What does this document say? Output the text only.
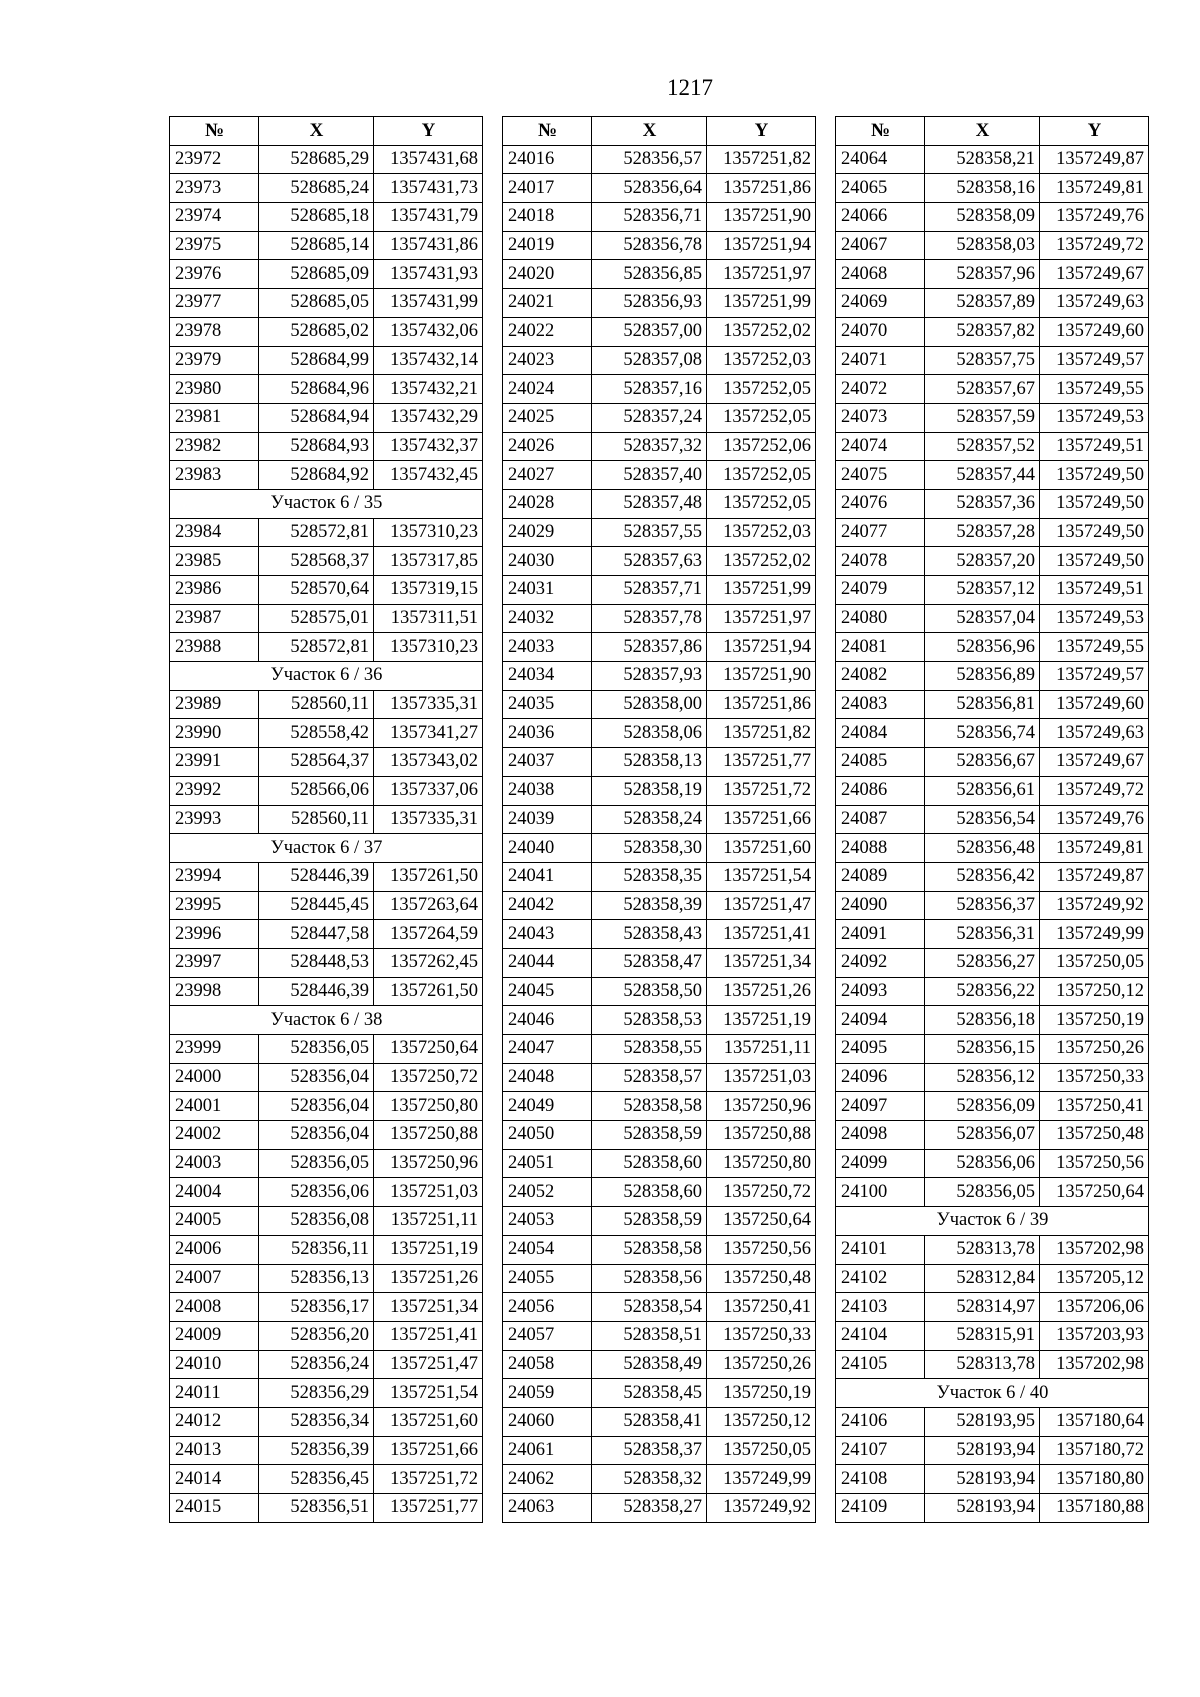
1217
№	X	Y
23972	528685,29	1357431,68
23973	528685,24	1357431,73
23974	528685,18	1357431,79
23975	528685,14	1357431,86
23976	528685,09	1357431,93
23977	528685,05	1357431,99
23978	528685,02	1357432,06
23979	528684,99	1357432,14
23980	528684,96	1357432,21
23981	528684,94	1357432,29
23982	528684,93	1357432,37
23983	528684,92	1357432,45
Участок 6 / 35		
23984	528572,81	1357310,23
23985	528568,37	1357317,85
23986	528570,64	1357319,15
23987	528575,01	1357311,51
23988	528572,81	1357310,23
Участок 6 / 36		
23989	528560,11	1357335,31
23990	528558,42	1357341,27
23991	528564,37	1357343,02
23992	528566,06	1357337,06
23993	528560,11	1357335,31
Участок 6 / 37		
23994	528446,39	1357261,50
23995	528445,45	1357263,64
23996	528447,58	1357264,59
23997	528448,53	1357262,45
23998	528446,39	1357261,50
Участок 6 / 38		
23999	528356,05	1357250,64
24000	528356,04	1357250,72
24001	528356,04	1357250,80
24002	528356,04	1357250,88
24003	528356,05	1357250,96
24004	528356,06	1357251,03
24005	528356,08	1357251,11
24006	528356,11	1357251,19
24007	528356,13	1357251,26
24008	528356,17	1357251,34
24009	528356,20	1357251,41
24010	528356,24	1357251,47
24011	528356,29	1357251,54
24012	528356,34	1357251,60
24013	528356,39	1357251,66
24014	528356,45	1357251,72
24015	528356,51	1357251,77
№	X	Y
24016	528356,57	1357251,82
24017	528356,64	1357251,86
24018	528356,71	1357251,90
24019	528356,78	1357251,94
24020	528356,85	1357251,97
24021	528356,93	1357251,99
24022	528357,00	1357252,02
24023	528357,08	1357252,03
24024	528357,16	1357252,05
24025	528357,24	1357252,05
24026	528357,32	1357252,06
24027	528357,40	1357252,05
24028	528357,48	1357252,05
24029	528357,55	1357252,03
24030	528357,63	1357252,02
24031	528357,71	1357251,99
24032	528357,78	1357251,97
24033	528357,86	1357251,94
24034	528357,93	1357251,90
24035	528358,00	1357251,86
24036	528358,06	1357251,82
24037	528358,13	1357251,77
24038	528358,19	1357251,72
24039	528358,24	1357251,66
24040	528358,30	1357251,60
24041	528358,35	1357251,54
24042	528358,39	1357251,47
24043	528358,43	1357251,41
24044	528358,47	1357251,34
24045	528358,50	1357251,26
24046	528358,53	1357251,19
24047	528358,55	1357251,11
24048	528358,57	1357251,03
24049	528358,58	1357250,96
24050	528358,59	1357250,88
24051	528358,60	1357250,80
24052	528358,60	1357250,72
24053	528358,59	1357250,64
24054	528358,58	1357250,56
24055	528358,56	1357250,48
24056	528358,54	1357250,41
24057	528358,51	1357250,33
24058	528358,49	1357250,26
24059	528358,45	1357250,19
24060	528358,41	1357250,12
24061	528358,37	1357250,05
24062	528358,32	1357249,99
24063	528358,27	1357249,92
№	X	Y
24064	528358,21	1357249,87
24065	528358,16	1357249,81
24066	528358,09	1357249,76
24067	528358,03	1357249,72
24068	528357,96	1357249,67
24069	528357,89	1357249,63
24070	528357,82	1357249,60
24071	528357,75	1357249,57
24072	528357,67	1357249,55
24073	528357,59	1357249,53
24074	528357,52	1357249,51
24075	528357,44	1357249,50
24076	528357,36	1357249,50
24077	528357,28	1357249,50
24078	528357,20	1357249,50
24079	528357,12	1357249,51
24080	528357,04	1357249,53
24081	528356,96	1357249,55
24082	528356,89	1357249,57
24083	528356,81	1357249,60
24084	528356,74	1357249,63
24085	528356,67	1357249,67
24086	528356,61	1357249,72
24087	528356,54	1357249,76
24088	528356,48	1357249,81
24089	528356,42	1357249,87
24090	528356,37	1357249,92
24091	528356,31	1357249,99
24092	528356,27	1357250,05
24093	528356,22	1357250,12
24094	528356,18	1357250,19
24095	528356,15	1357250,26
24096	528356,12	1357250,33
24097	528356,09	1357250,41
24098	528356,07	1357250,48
24099	528356,06	1357250,56
24100	528356,05	1357250,64
Участок 6 / 39		
24101	528313,78	1357202,98
24102	528312,84	1357205,12
24103	528314,97	1357206,06
24104	528315,91	1357203,93
24105	528313,78	1357202,98
Участок 6 / 40		
24106	528193,95	1357180,64
24107	528193,94	1357180,72
24108	528193,94	1357180,80
24109	528193,94	1357180,88
